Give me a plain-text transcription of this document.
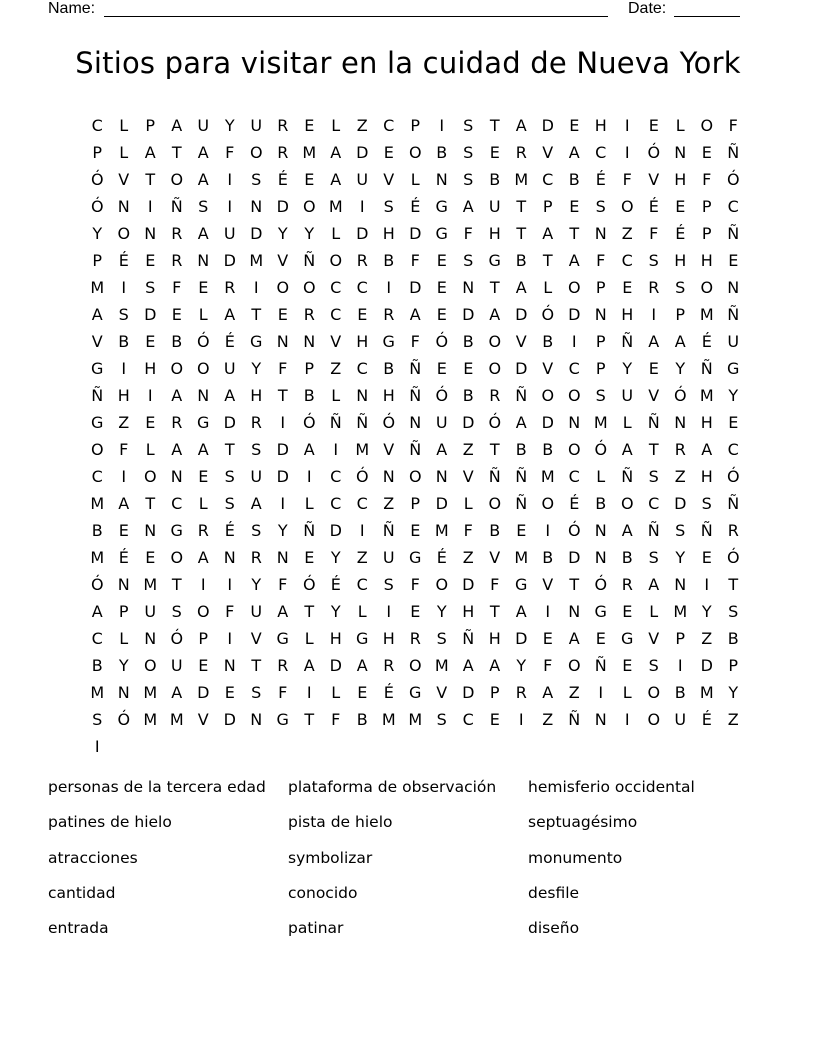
Name:	Date:
Sitios para visitar en la cuidad de Nueva York
C	L	P	A U Y U R E	L	Z C	P	I	S	T	A D E H	I	E	L O F
P	L	A	T	A	F O R M A D E O B S	E R V A C	I	Ó N E Ñ
Ó V	T O A	I	S	É	E A U V	L	N S B M C B É	F	V H F Ó
Ó N	I	Ñ S	I	N D O M	I	S	É G A U T	P	E	S O É	E	P	C
Y O N R A U D Y	Y	L D H D G F H T	A	T N Z	F	É	P Ñ
P	É	E R N D M V Ñ O R B	F	E	S G B	T	A	F	C S H H E
M	I	S	F	E R	I	O O C C	I	D E N T	A	L O P	E R S O N
A S D E	L	A	T	E R C E R A E D A D Ó D N H	I	P M Ñ
V B E B Ó É G N N V H G F Ó B O V B	I	P Ñ A A É U
G	I	H O O U Y	F	P	Z C B Ñ E	E O D V C	P	Y	E	Y Ñ G
Ñ H	I	A N A H T	B	L	N H Ñ Ó B R Ñ O O S U V Ó M Y
G Z E R G D R	I	Ó Ñ Ñ Ó N U D Ó A D N M L	Ñ N H E
O F	L	A A	T	S D A	I	M V Ñ A Z	T	B B O Ó A	T	R A C
C	I	O N E	S U D	I	C Ó N O N V Ñ Ñ M C	L	Ñ S Z H Ó
M A	T	C	L	S A	I	L	C C Z	P D L O Ñ O É B O C D S Ñ
B E N G R É	S	Y Ñ D	I	Ñ E M F	B E	I	Ó N A Ñ S Ñ R
M É	E O A N R N E	Y	Z U G É Z V M B D N B S	Y	E Ó
Ó N M T	I	I	Y	F Ó É C S	F O D F G V	T Ó R A N	I	T
A	P U S O F	U A	T	Y	L	I	E	Y H T	A	I	N G E	L M Y	S
C	L	N Ó P	I	V G L	H G H R S Ñ H D E A E G V	P	Z B
B	Y O U E N T	R A D A R O M A A	Y	F O Ñ E	S	I	D P
M N M A D E	S	F	I	L	E	É G V D P	R A Z	I	L O B M Y
S Ó M M V D N G T	F	B M M S C E	I	Z Ñ N	I	O U É Z
I
personas de la tercera edad	plataforma de observación	hemisferio occidental
patines de hielo	pista de hielo	septuagésimo
atracciones	symbolizar	monumento
cantidad	conocido	desfile
entrada	patinar	diseño
